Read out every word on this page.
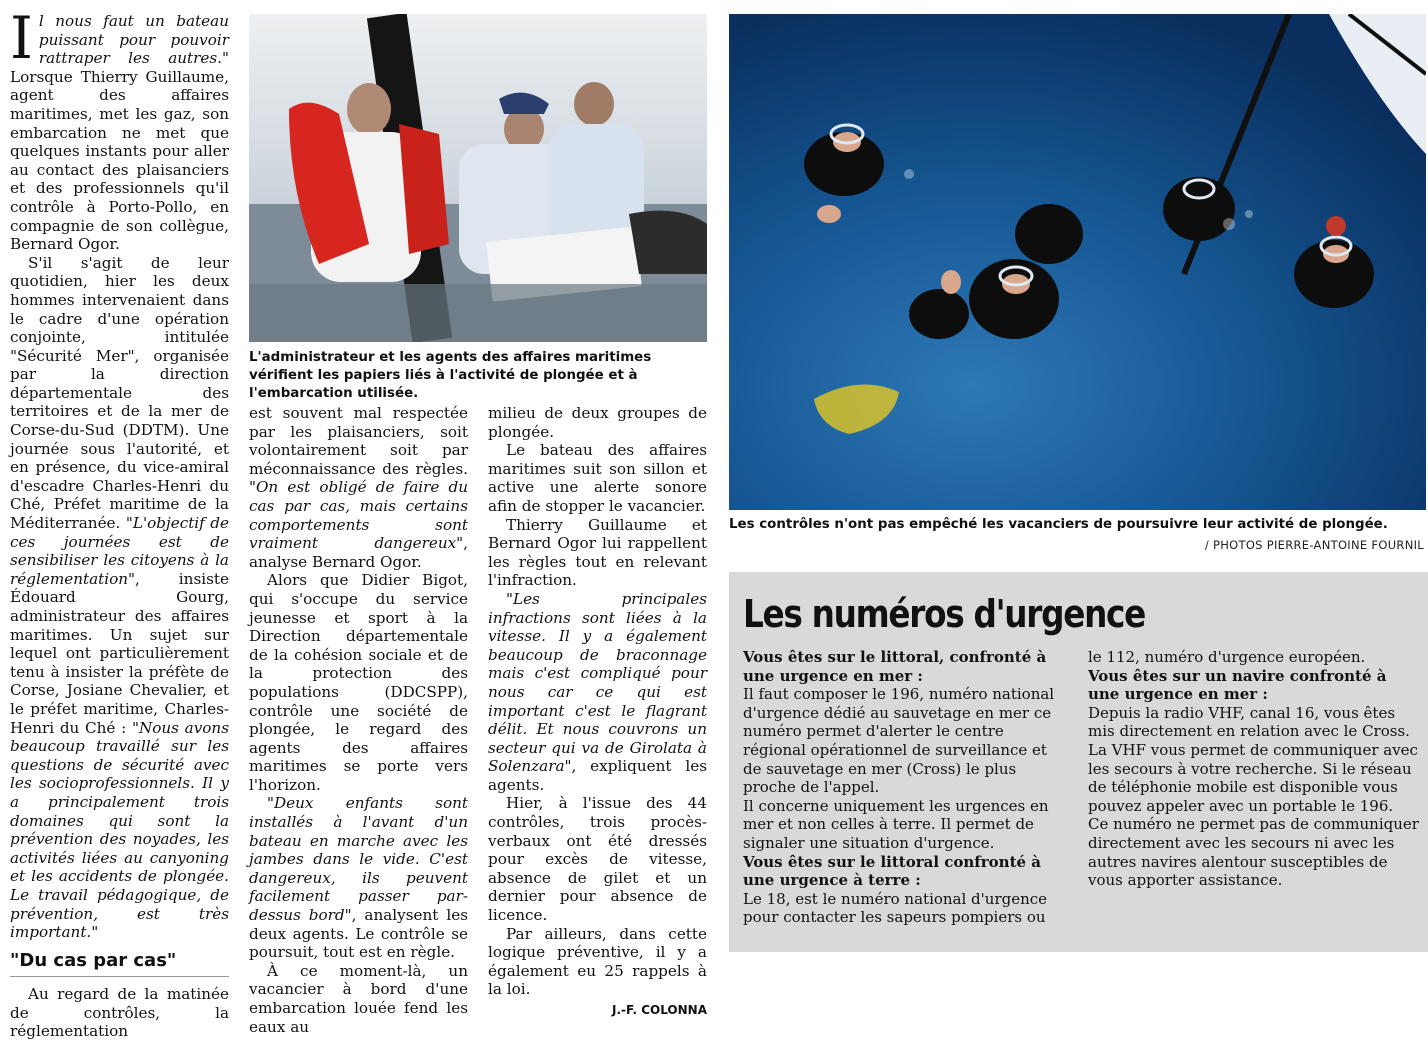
Il nous faut un bateau puissant pour pouvoir rattraper les autres." Lorsque Thierry Guillaume, agent des affaires maritimes, met les gaz, son embarcation ne met que quelques instants pour aller au contact des plaisanciers et des professionnels qu'il contrôle à Porto-Pollo, en compagnie de son collègue, Bernard Ogor.

S'il s'agit de leur quotidien, hier les deux hommes intervenaient dans le cadre d'une opération conjointe, intitulée "Sécurité Mer", organisée par la direction départementale des territoires et de la mer de Corse-du-Sud (DDTM). Une journée sous l'autorité, et en présence, du vice-amiral d'escadre Charles-Henri du Ché, Préfet maritime de la Méditerranée. "L'objectif de ces journées est de sensibiliser les citoyens à la réglementation", insiste Édouard Gourg, administrateur des affaires maritimes. Un sujet sur lequel ont particulièrement tenu à insister la préfète de Corse, Josiane Chevalier, et le préfet maritime, Charles-Henri du Ché : "Nous avons beaucoup travaillé sur les questions de sécurité avec les socioprofessionnels. Il y a principalement trois domaines qui sont la prévention des noyades, les activités liées au canyoning et les accidents de plongée. Le travail pédagogique, de prévention, est très important."

"Du cas par cas"

Au regard de la matinée de contrôles, la réglementation

L'administrateur et les agents des affaires maritimes vérifient les papiers liés à l'activité de plongée et à l'embarcation utilisée.

est souvent mal respectée par les plaisanciers, soit volontairement soit par méconnaissance des règles. "On est obligé de faire du cas par cas, mais certains comportements sont vraiment dangereux", analyse Bernard Ogor.

Alors que Didier Bigot, qui s'occupe du service jeunesse et sport à la Direction départementale de la cohésion sociale et de la protection des populations (DDCSPP), contrôle une société de plongée, le regard des agents des affaires maritimes se porte vers l'horizon.

"Deux enfants sont installés à l'avant d'un bateau en marche avec les jambes dans le vide. C'est dangereux, ils peuvent facilement passer par-dessus bord", analysent les deux agents. Le contrôle se poursuit, tout est en règle.

À ce moment-là, un vacancier à bord d'une embarcation louée fend les eaux au

milieu de deux groupes de plongée.

Le bateau des affaires maritimes suit son sillon et active une alerte sonore afin de stopper le vacancier.

Thierry Guillaume et Bernard Ogor lui rappellent les règles tout en relevant l'infraction.

"Les principales infractions sont liées à la vitesse. Il y a également beaucoup de braconnage mais c'est compliqué pour nous car ce qui est important c'est le flagrant délit. Et nous couvrons un secteur qui va de Girolata à Solenzara", expliquent les agents.

Hier, à l'issue des 44 contrôles, trois procès-verbaux ont été dressés pour excès de vitesse, absence de gilet et un dernier pour absence de licence.

Par ailleurs, dans cette logique préventive, il y a également eu 25 rappels à la loi.

J.-F. COLONNA
Les contrôles n'ont pas empêché les vacanciers de poursuivre leur activité de plongée.
/ PHOTOS PIERRE-ANTOINE FOURNIL
Les numéros d'urgence

Vous êtes sur le littoral, confronté à une urgence en mer :

Il faut composer le 196, numéro national d'urgence dédié au sauvetage en mer ce numéro permet d'alerter le centre régional opérationnel de surveillance et de sauvetage en mer (Cross) le plus proche de l'appel.

Il concerne uniquement les urgences en mer et non celles à terre. Il permet de signaler une situation d'urgence.

Vous êtes sur le littoral confronté à une urgence à terre :

Le 18, est le numéro national d'urgence pour contacter les sapeurs pompiers ou

le 112, numéro d'urgence européen.

Vous êtes sur un navire confronté à une urgence en mer :

Depuis la radio VHF, canal 16, vous êtes mis directement en relation avec le Cross.

La VHF vous permet de communiquer avec les secours à votre recherche. Si le réseau de téléphonie mobile est disponible vous pouvez appeler avec un portable le 196.

Ce numéro ne permet pas de communiquer directement avec les secours ni avec les autres navires alentour susceptibles de vous apporter assistance.
